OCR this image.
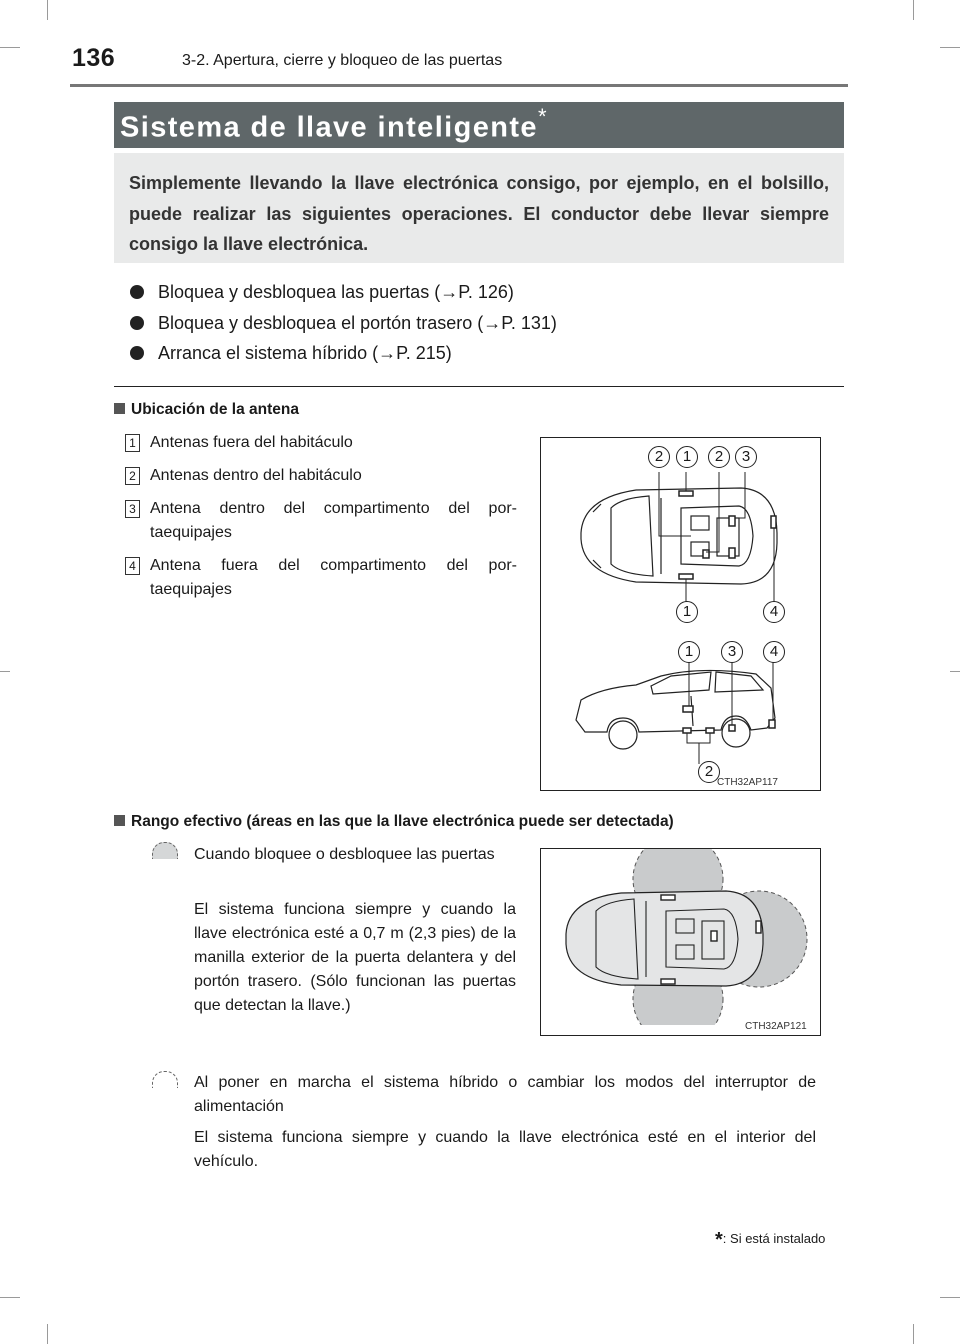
136	3-2. Apertura, cierre y bloqueo de las puertas
Sistema de llave inteligente*
Simplemente llevando la llave electrónica consigo, por ejemplo, en el bolsillo, puede realizar las siguientes operaciones. El conductor debe llevar siempre consigo la llave electrónica.
Bloquea y desbloquea las puertas (→P. 126)
Bloquea y desbloquea el portón trasero (→P. 131)
Arranca el sistema híbrido (→P. 215)
Ubicación de la antena
1 Antenas fuera del habitáculo
2 Antenas dentro del habitáculo
3 Antena dentro del compartimento del por-taequipajes
4 Antena fuera del compartimento del por-taequipajes
2	1	2	3
1	4
1	3	4
2
CTH32AP117
Rango efectivo (áreas en las que la llave electrónica puede ser detectada)
Cuando bloquee o desbloquee las puertas
El sistema funciona siempre y cuando la llave electrónica esté a 0,7 m (2,3 pies) de la manilla exterior de la puerta delantera y del portón trasero. (Sólo funcionan las puertas que detectan la llave.)
CTH32AP121
Al poner en marcha el sistema híbrido o cambiar los modos del interruptor de alimentación
El sistema funciona siempre y cuando la llave electrónica esté en el interior del vehículo.
*: Si está instalado
